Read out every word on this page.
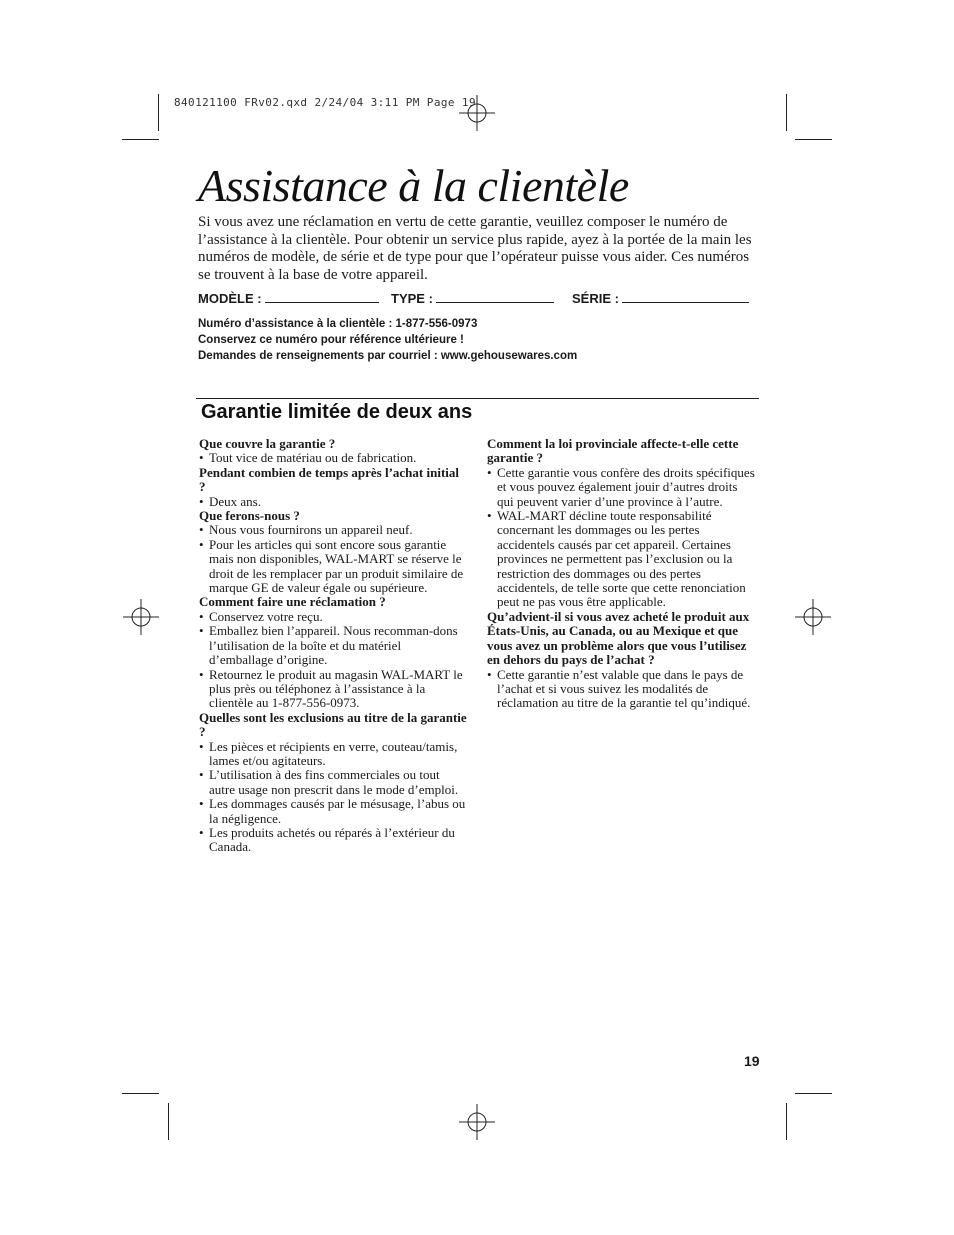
840121100 FRv02.qxd 2/24/04 3:11 PM Page 19
Assistance à la clientèle
Si vous avez une réclamation en vertu de cette garantie, veuillez composer le numéro de l’assistance à la clientèle. Pour obtenir un service plus rapide, ayez à la portée de la main les numéros de modèle, de série et de type pour que l’opérateur puisse vous aider. Ces numéros se trouvent à la base de votre appareil.
MODÈLE :	TYPE :	SÉRIE :
Numéro d’assistance à la clientèle : 1-877-556-0973
Conservez ce numéro pour référence ultérieure !
Demandes de renseignements par courriel : www.gehousewares.com
Garantie limitée de deux ans

Que couvre la garantie ?

• Tout vice de matériau ou de fabrication.

Pendant combien de temps après l’achat initial ?

• Deux ans.

Que ferons-nous ?

• Nous vous fournirons un appareil neuf.
• Pour les articles qui sont encore sous garantie mais non disponibles, WAL-MART se réserve le droit de les remplacer par un produit similaire de marque GE de valeur égale ou supérieure.

Comment faire une réclamation ?

• Conservez votre reçu.
• Emballez bien l’appareil. Nous recomman-dons l’utilisation de la boîte et du matériel d’emballage d’origine.
• Retournez le produit au magasin WAL-MART le plus près ou téléphonez à l’assistance à la clientèle au 1-877-556-0973.

Quelles sont les exclusions au titre de la garantie ?

• Les pièces et récipients en verre, couteau/tamis, lames et/ou agitateurs.
• L’utilisation à des fins commerciales ou tout autre usage non prescrit dans le mode d’emploi.
• Les dommages causés par le mésusage, l’abus ou la négligence.
• Les produits achetés ou réparés à l’extérieur du Canada.

Comment la loi provinciale affecte-t-elle cette garantie ?

• Cette garantie vous confère des droits spécifiques et vous pouvez également jouir d’autres droits qui peuvent varier d’une province à l’autre.
• WAL-MART décline toute responsabilité concernant les dommages ou les pertes accidentels causés par cet appareil. Certaines provinces ne permettent pas l’exclusion ou la restriction des dommages ou des pertes accidentels, de telle sorte que cette renonciation peut ne pas vous être applicable.

Qu’advient-il si vous avez acheté le produit aux États-Unis, au Canada, ou au Mexique et que vous avez un problème alors que vous l’utilisez en dehors du pays de l’achat ?

• Cette garantie n’est valable que dans le pays de l’achat et si vous suivez les modalités de réclamation au titre de la garantie tel qu’indiqué.
19
